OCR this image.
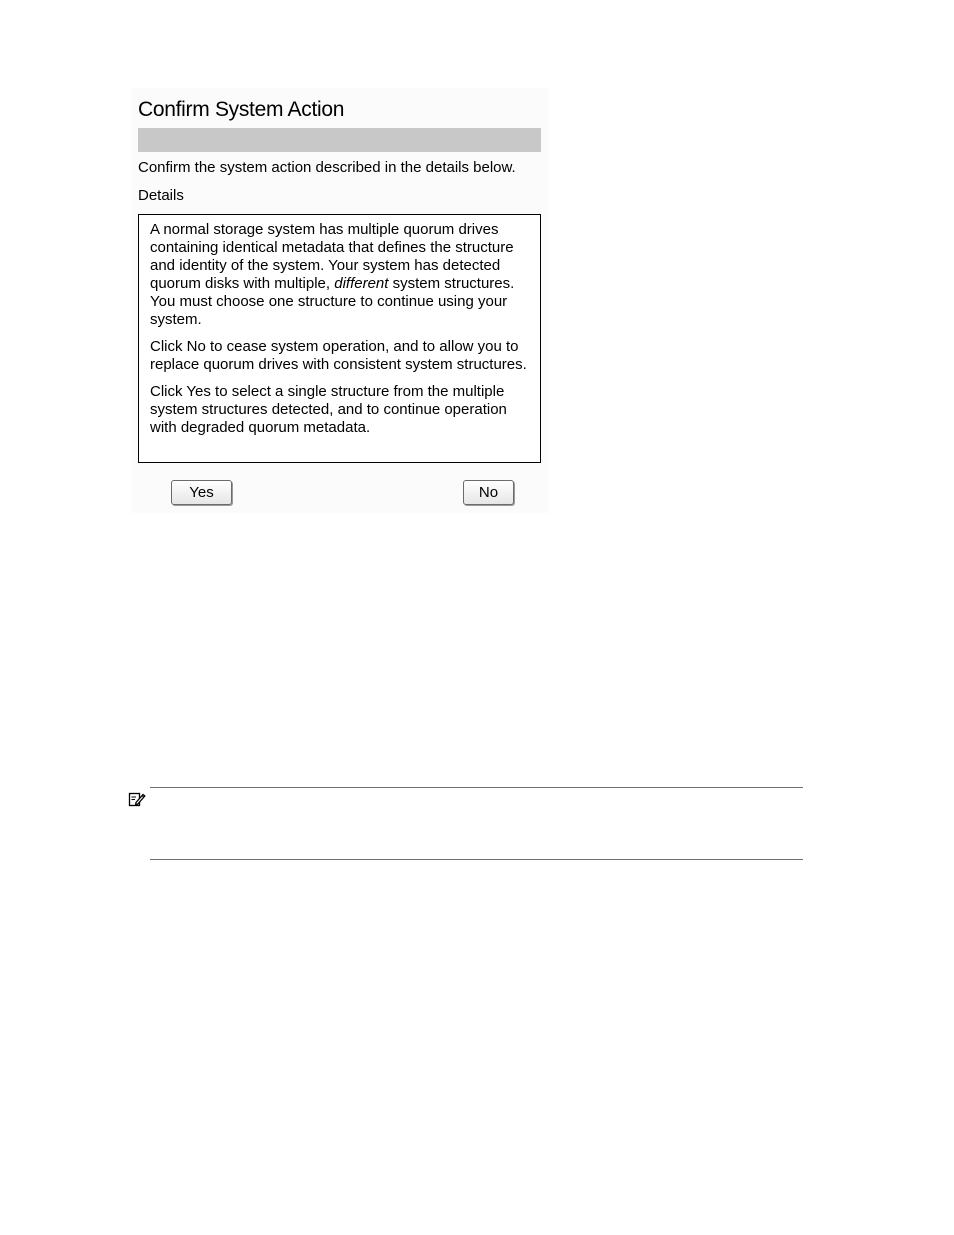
Confirm System Action
Confirm the system action described in the details below.
Details

A normal storage system has multiple quorum drives containing identical metadata that defines the structure and identity of the system. Your system has detected quorum disks with multiple, different system structures. You must choose one structure to continue using your system.

Click No to cease system operation, and to allow you to replace quorum drives with consistent system structures.

Click Yes to select a single structure from the multiple system structures detected, and to continue operation with degraded quorum metadata.

Yes	No
